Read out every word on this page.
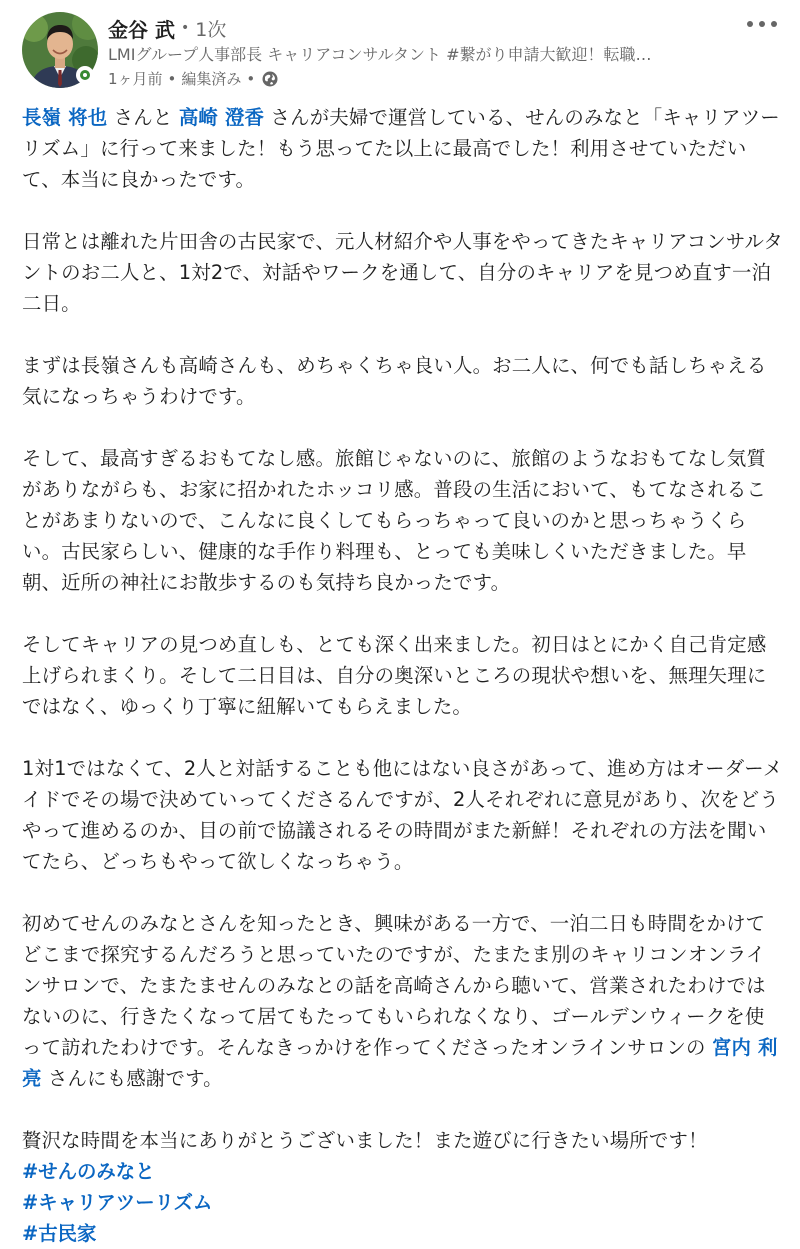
金谷 武 • 1次
LMIグループ人事部長 キャリアコンサルタント #繋がり申請大歓迎！転職…
1ヶ月前 • 編集済み •

長嶺 将也 さんと 高崎 澄香 さんが夫婦で運営している、せんのみなと「キャリアツーリズム」に行って来ました！もう思ってた以上に最高でした！利用させていただいて、本当に良かったです。

日常とは離れた片田舎の古民家で、元人材紹介や人事をやってきたキャリアコンサルタントのお二人と、1対2で、対話やワークを通して、自分のキャリアを見つめ直す一泊二日。

まずは長嶺さんも高崎さんも、めちゃくちゃ良い人。お二人に、何でも話しちゃえる気になっちゃうわけです。

そして、最高すぎるおもてなし感。旅館じゃないのに、旅館のようなおもてなし気質がありながらも、お家に招かれたホッコリ感。普段の生活において、もてなされることがあまりないので、こんなに良くしてもらっちゃって良いのかと思っちゃうくらい。古民家らしい、健康的な手作り料理も、とっても美味しくいただきました。早朝、近所の神社にお散歩するのも気持ち良かったです。

そしてキャリアの見つめ直しも、とても深く出来ました。初日はとにかく自己肯定感上げられまくり。そして二日目は、自分の奥深いところの現状や想いを、無理矢理にではなく、ゆっくり丁寧に紐解いてもらえました。

1対1ではなくて、2人と対話することも他にはない良さがあって、進め方はオーダーメイドでその場で決めていってくださるんですが、2人それぞれに意見があり、次をどうやって進めるのか、目の前で協議されるその時間がまた新鮮！それぞれの方法を聞いてたら、どっちもやって欲しくなっちゃう。

初めてせんのみなとさんを知ったとき、興味がある一方で、一泊二日も時間をかけてどこまで探究するんだろうと思っていたのですが、たまたま別のキャリコンオンラインサロンで、たまたませんのみなとの話を高崎さんから聴いて、営業されたわけではないのに、行きたくなって居てもたってもいられなくなり、ゴールデンウィークを使って訪れたわけです。そんなきっかけを作ってくださったオンラインサロンの 宮内 利亮 さんにも感謝です。

贅沢な時間を本当にありがとうございました！また遊びに行きたい場所です！

#せんのみなと
#キャリアツーリズム
#古民家
